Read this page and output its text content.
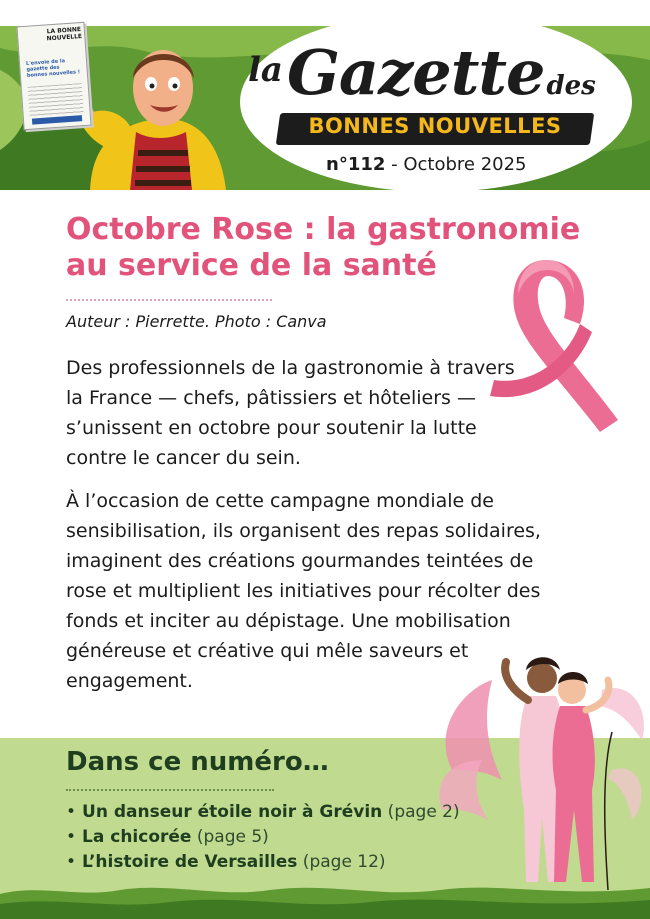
LA BONNE NOUVELLE
L'envoie de la gazette des bonnes nouvelles !	laGazettedes
BONNES NOUVELLES
n°112 - Octobre 2025
Octobre Rose : la gastronomie au service de la santé
Auteur : Pierrette. Photo : Canva

Des professionnels de la gastronomie à travers la France — chefs, pâtissiers et hôteliers — s’unissent en octobre pour soutenir la lutte contre le cancer du sein.

À l’occasion de cette campagne mondiale de sensibilisation, ils organisent des repas solidaires, imaginent des créations gourmandes teintées de rose et multiplient les initiatives pour récolter des fonds et inciter au dépistage. Une mobilisation généreuse et créative qui mêle saveurs et engagement.

Dans ce numéro…
• Un danseur étoile noir à Grévin (page 2)
• La chicorée (page 5)
• L’histoire de Versailles (page 12)
